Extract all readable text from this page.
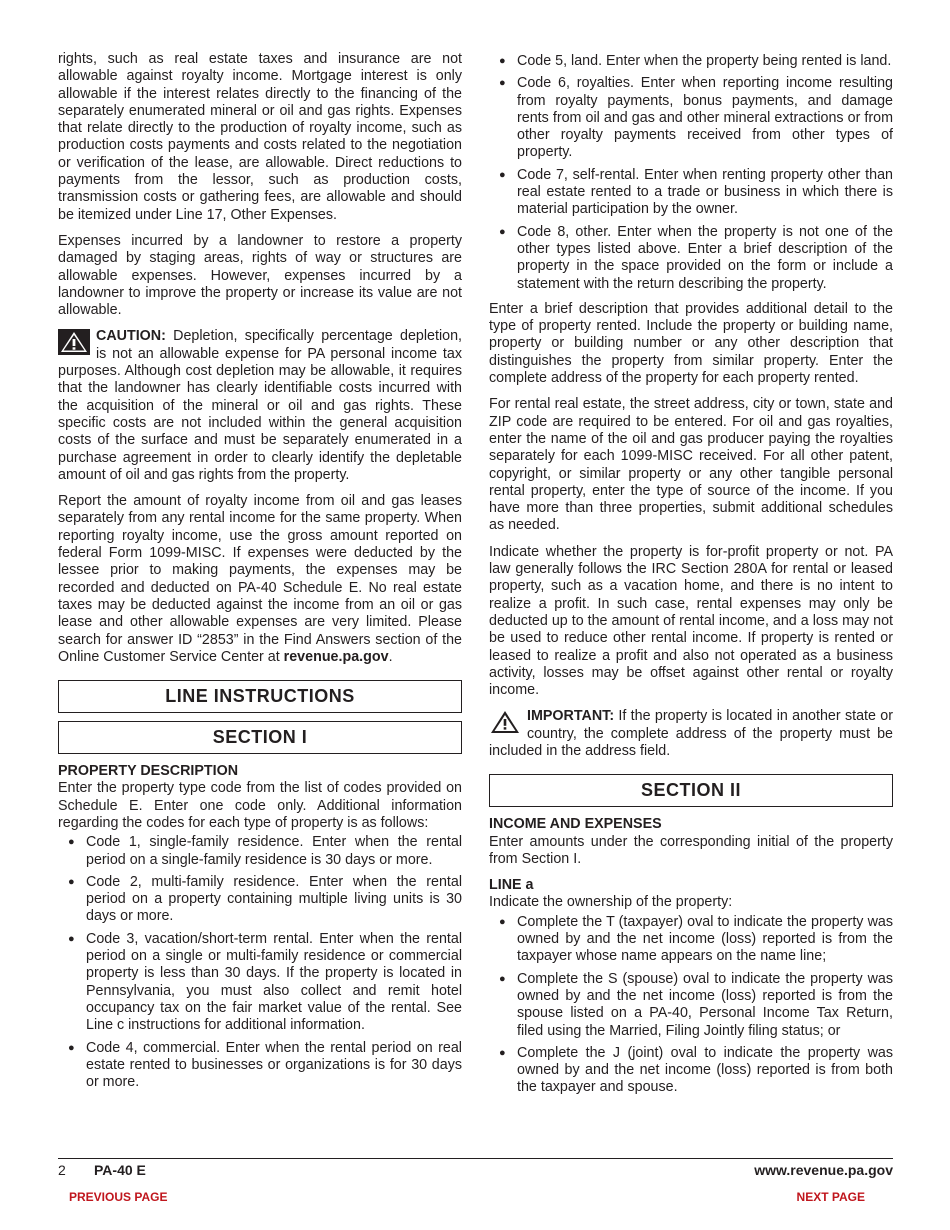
rights, such as real estate taxes and insurance are not allowable against royalty income. Mortgage interest is only allowable if the interest relates directly to the financing of the separately enumerated mineral or oil and gas rights. Expenses that relate directly to the production of royalty income, such as production costs payments and costs related to the negotiation or verification of the lease, are allowable. Direct reductions to payments from the lessor, such as production costs, transmission costs or gathering fees, are allowable and should be itemized under Line 17, Other Expenses.

Expenses incurred by a landowner to restore a property damaged by staging areas, rights of way or structures are allowable expenses. However, expenses incurred by a landowner to improve the property or increase its value are not allowable.

CAUTION: Depletion, specifically percentage depletion, is not an allowable expense for PA personal income tax purposes. Although cost depletion may be allowable, it requires that the landowner has clearly identifiable costs incurred with the acquisition of the mineral or oil and gas rights. These specific costs are not included within the general acquisition costs of the surface and must be separately enumerated in a purchase agreement in order to clearly identify the depletable amount of oil and gas rights from the property.

Report the amount of royalty income from oil and gas leases separately from any rental income for the same property. When reporting royalty income, use the gross amount reported on federal Form 1099-MISC. If expenses were deducted by the lessee prior to making payments, the expenses may be recorded and deducted on PA-40 Schedule E. No real estate taxes may be deducted against the income from an oil or gas lease and other allowable expenses are very limited. Please search for answer ID “2853” in the Find Answers section of the Online Customer Service Center at revenue.pa.gov.

LINE INSTRUCTIONS
SECTION I

PROPERTY DESCRIPTION

Enter the property type code from the list of codes provided on Schedule E. Enter one code only. Additional information regarding the codes for each type of property is as follows:

● Code 1, single-family residence. Enter when the rental period on a single-family residence is 30 days or more.
● Code 2, multi-family residence. Enter when the rental period on a property containing multiple living units is 30 days or more.
● Code 3, vacation/short-term rental. Enter when the rental period on a single or multi-family residence or commercial property is less than 30 days. If the property is located in Pennsylvania, you must also collect and remit hotel occupancy tax on the fair market value of the rental. See Line c instructions for additional information.
● Code 4, commercial. Enter when the rental period on real estate rented to businesses or organizations is for 30 days or more.
● Code 5, land. Enter when the property being rented is land.
● Code 6, royalties. Enter when reporting income resulting from royalty payments, bonus payments, and damage rents from oil and gas and other mineral extractions or from other royalty payments received from other types of property.
● Code 7, self-rental. Enter when renting property other than real estate rented to a trade or business in which there is material participation by the owner.
● Code 8, other. Enter when the property is not one of the other types listed above. Enter a brief description of the property in the space provided on the form or include a statement with the return describing the property.

Enter a brief description that provides additional detail to the type of property rented. Include the property or building name, property or building number or any other description that distinguishes the property from similar property. Enter the complete address of the property for each property rented.

For rental real estate, the street address, city or town, state and ZIP code are required to be entered. For oil and gas royalties, enter the name of the oil and gas producer paying the royalties separately for each 1099-MISC received. For all other patent, copyright, or similar property or any other tangible personal rental property, enter the type of source of the income. If you have more than three properties, submit additional schedules as needed.

Indicate whether the property is for-profit property or not. PA law generally follows the IRC Section 280A for rental or leased property, such as a vacation home, and there is no intent to realize a profit. In such case, rental expenses may only be deducted up to the amount of rental income, and a loss may not be used to reduce other rental income. If property is rented or leased to realize a profit and also not operated as a business activity, losses may be offset against other rental or royalty income.

IMPORTANT: If the property is located in another state or country, the complete address of the property must be included in the address field.

SECTION II

INCOME AND EXPENSES

Enter amounts under the corresponding initial of the property from Section I.

LINE a

Indicate the ownership of the property:

● Complete the T (taxpayer) oval to indicate the property was owned by and the net income (loss) reported is from the taxpayer whose name appears on the name line;
● Complete the S (spouse) oval to indicate the property was owned by and the net income (loss) reported is from the spouse listed on a PA-40, Personal Income Tax Return, filed using the Married, Filing Jointly filing status; or
● Complete the J (joint) oval to indicate the property was owned by and the net income (loss) reported is from both the taxpayer and spouse.
2 PA-40 E	www.revenue.pa.gov
PREVIOUS PAGE	NEXT PAGE
